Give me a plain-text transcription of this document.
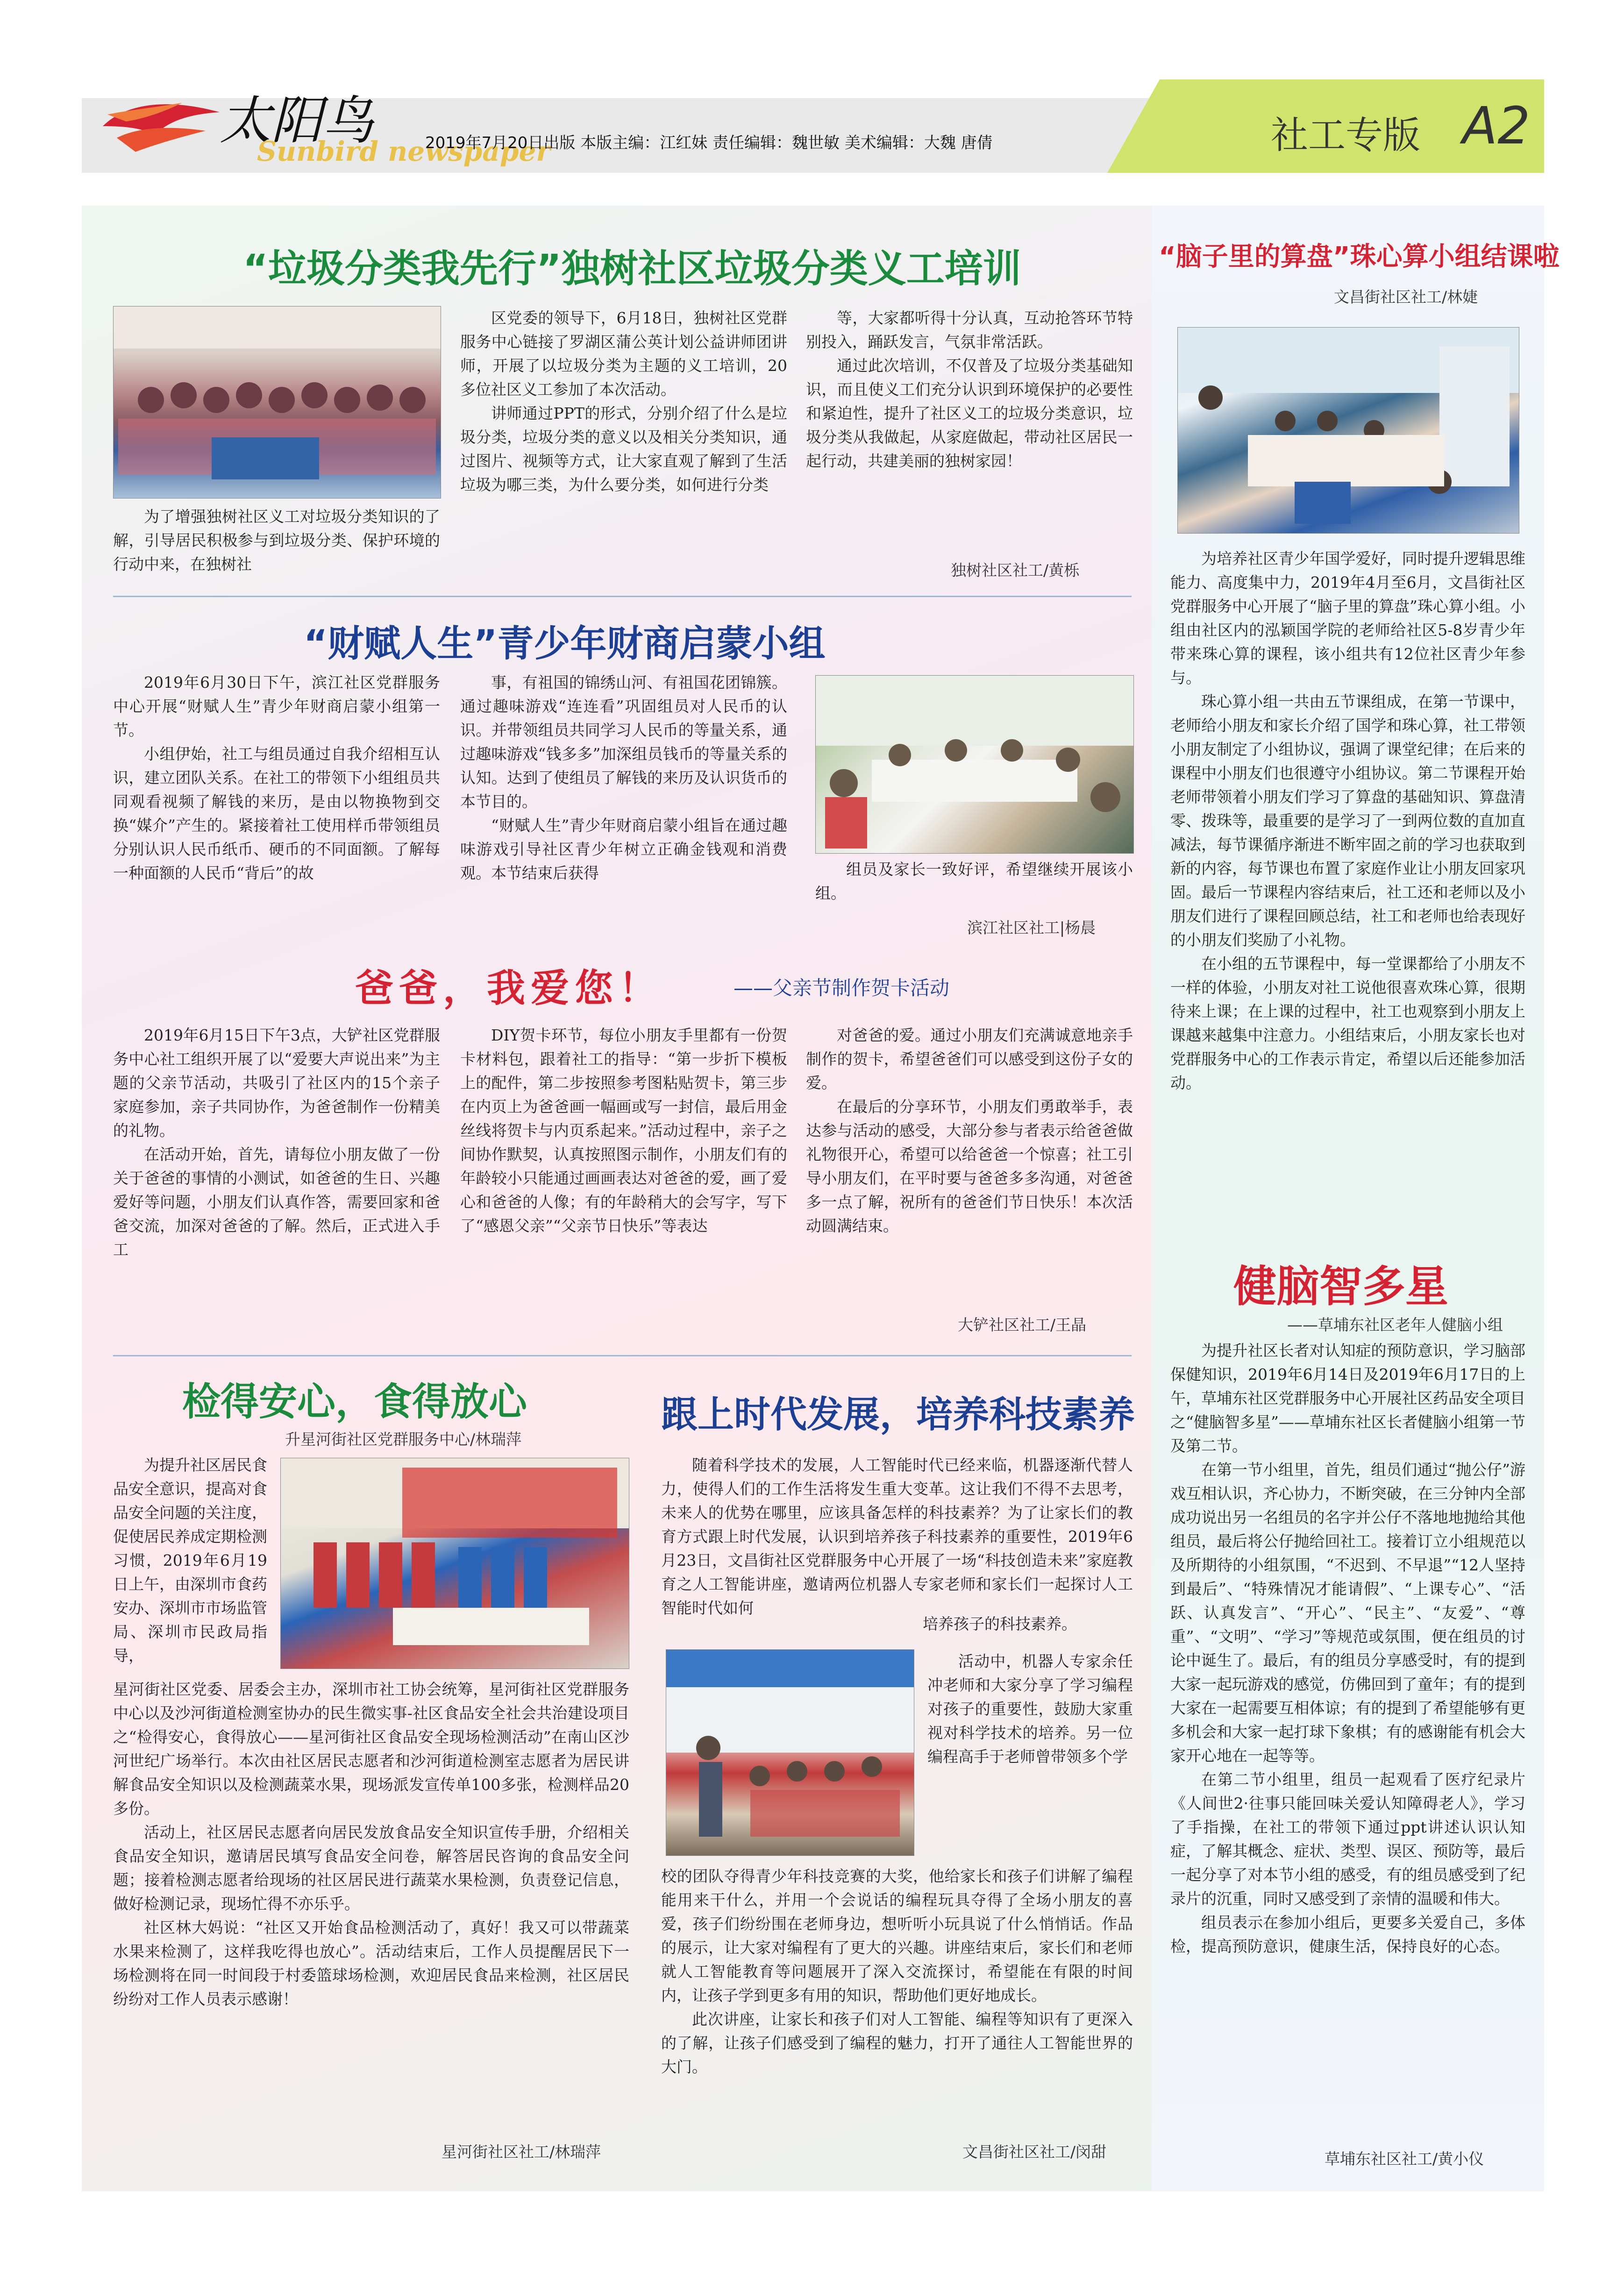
太阳鸟
Sunbird newspaper
2019年7月20日出版 本版主编：江红妹 责任编辑：魏世敏 美术编辑：大魏 唐倩	社工专版 A2
“垃圾分类我先行”独树社区垃圾分类义工培训

为了增强独树社区义工对垃圾分类知识的了解，引导居民积极参与到垃圾分类、保护环境的行动中来，在独树社

区党委的领导下，6月18日，独树社区党群服务中心链接了罗湖区蒲公英计划公益讲师团讲师，开展了以垃圾分类为主题的义工培训，20多位社区义工参加了本次活动。

讲师通过PPT的形式，分别介绍了什么是垃圾分类，垃圾分类的意义以及相关分类知识，通过图片、视频等方式，让大家直观了解到了生活垃圾为哪三类，为什么要分类，如何进行分类

等，大家都听得十分认真，互动抢答环节特别投入，踊跃发言，气氛非常活跃。

通过此次培训，不仅普及了垃圾分类基础知识，而且使义工们充分认识到环境保护的必要性和紧迫性，提升了社区义工的垃圾分类意识，垃圾分类从我做起，从家庭做起，带动社区居民一起行动，共建美丽的独树家园！

独树社区社工/黄栎
“财赋人生”青少年财商启蒙小组

2019年6月30日下午，滨江社区党群服务中心开展“财赋人生”青少年财商启蒙小组第一节。

小组伊始，社工与组员通过自我介绍相互认识，建立团队关系。在社工的带领下小组组员共同观看视频了解钱的来历，是由以物换物到交换“媒介”产生的。紧接着社工使用样币带领组员分别认识人民币纸币、硬币的不同面额。了解每一种面额的人民币“背后”的故

事，有祖国的锦绣山河、有祖国花团锦簇。通过趣味游戏“连连看”巩固组员对人民币的认识。并带领组员共同学习人民币的等量关系，通过趣味游戏“钱多多”加深组员钱币的等量关系的认知。达到了使组员了解钱的来历及认识货币的本节目的。

“财赋人生”青少年财商启蒙小组旨在通过趣味游戏引导社区青少年树立正确金钱观和消费观。本节结束后获得	组员及家长一致好评，希望继续开展该小组。

滨江社区社工|杨晨
爸爸，我爱您！	——父亲节制作贺卡活动

2019年6月15日下午3点，大铲社区党群服务中心社工组织开展了以“爱要大声说出来”为主题的父亲节活动，共吸引了社区内的15个亲子家庭参加，亲子共同协作，为爸爸制作一份精美的礼物。

在活动开始，首先，请每位小朋友做了一份关于爸爸的事情的小测试，如爸爸的生日、兴趣爱好等问题，小朋友们认真作答，需要回家和爸爸交流，加深对爸爸的了解。然后，正式进入手工

DIY贺卡环节，每位小朋友手里都有一份贺卡材料包，跟着社工的指导：“第一步折下模板上的配件，第二步按照参考图粘贴贺卡，第三步在内页上为爸爸画一幅画或写一封信，最后用金丝线将贺卡与内页系起来。”活动过程中，亲子之间协作默契，认真按照图示制作，小朋友们有的年龄较小只能通过画画表达对爸爸的爱，画了爱心和爸爸的人像；有的年龄稍大的会写字，写下了“感恩父亲”“父亲节日快乐”等表达

对爸爸的爱。通过小朋友们充满诚意地亲手制作的贺卡，希望爸爸们可以感受到这份子女的爱。

在最后的分享环节，小朋友们勇敢举手，表达参与活动的感受，大部分参与者表示给爸爸做礼物很开心，希望可以给爸爸一个惊喜；社工引导小朋友们，在平时要与爸爸多多沟通，对爸爸多一点了解，祝所有的爸爸们节日快乐！本次活动圆满结束。

大铲社区社工/王晶
检得安心，食得放心
升星河街社区党群服务中心/林瑞萍

为提升社区居民食品安全意识，提高对食品安全问题的关注度，促使居民养成定期检测习惯，2019年6月19日上午，由深圳市食药安办、深圳市市场监管局、深圳市民政局指导，

星河街社区党委、居委会主办，深圳市社工协会统筹，星河街社区党群服务中心以及沙河街道检测室协办的民生微实事-社区食品安全社会共治建设项目之“检得安心，食得放心——星河街社区食品安全现场检测活动”在南山区沙河世纪广场举行。本次由社区居民志愿者和沙河街道检测室志愿者为居民讲解食品安全知识以及检测蔬菜水果，现场派发宣传单100多张，检测样品20多份。

活动上，社区居民志愿者向居民发放食品安全知识宣传手册，介绍相关食品安全知识，邀请居民填写食品安全问卷，解答居民咨询的食品安全问题；接着检测志愿者给现场的社区居民进行蔬菜水果检测，负责登记信息，做好检测记录，现场忙得不亦乐乎。

社区林大妈说：“社区又开始食品检测活动了，真好！我又可以带蔬菜水果来检测了，这样我吃得也放心”。活动结束后，工作人员提醒居民下一场检测将在同一时间段于村委篮球场检测，欢迎居民食品来检测，社区居民纷纷对工作人员表示感谢！

星河街社区社工/林瑞萍
跟上时代发展，培养科技素养

随着科学技术的发展，人工智能时代已经来临，机器逐渐代替人力，使得人们的工作生活将发生重大变革。这让我们不得不去思考，未来人的优势在哪里，应该具备怎样的科技素养？为了让家长们的教育方式跟上时代发展，认识到培养孩子科技素养的重要性，2019年6月23日，文昌街社区党群服务中心开展了一场“科技创造未来”家庭教育之人工智能讲座，邀请两位机器人专家老师和家长们一起探讨人工智能时代如何

培养孩子的科技素养。

活动中，机器人专家余任冲老师和大家分享了学习编程对孩子的重要性，鼓励大家重视对科学技术的培养。另一位编程高手于老师曾带领多个学

校的团队夺得青少年科技竞赛的大奖，他给家长和孩子们讲解了编程能用来干什么，并用一个会说话的编程玩具夺得了全场小朋友的喜爱，孩子们纷纷围在老师身边，想听听小玩具说了什么悄悄话。作品的展示，让大家对编程有了更大的兴趣。讲座结束后，家长们和老师就人工智能教育等问题展开了深入交流探讨，希望能在有限的时间内，让孩子学到更多有用的知识，帮助他们更好地成长。

此次讲座，让家长和孩子们对人工智能、编程等知识有了更深入的了解，让孩子们感受到了编程的魅力，打开了通往人工智能世界的大门。

文昌街社区社工/闵甜
“脑子里的算盘”珠心算小组结课啦
文昌街社区社工/林婕

为培养社区青少年国学爱好，同时提升逻辑思维能力、高度集中力，2019年4月至6月，文昌街社区党群服务中心开展了“脑子里的算盘”珠心算小组。小组由社区内的泓颖国学院的老师给社区5-8岁青少年带来珠心算的课程，该小组共有12位社区青少年参与。

珠心算小组一共由五节课组成，在第一节课中，老师给小朋友和家长介绍了国学和珠心算，社工带领小朋友制定了小组协议，强调了课堂纪律；在后来的课程中小朋友们也很遵守小组协议。第二节课程开始老师带领着小朋友们学习了算盘的基础知识、算盘清零、拨珠等，最重要的是学习了一到两位数的直加直减法，每节课循序渐进不断牢固之前的学习也获取到新的内容，每节课也布置了家庭作业让小朋友回家巩固。最后一节课程内容结束后，社工还和老师以及小朋友们进行了课程回顾总结，社工和老师也给表现好的小朋友们奖励了小礼物。

在小组的五节课程中，每一堂课都给了小朋友不一样的体验，小朋友对社工说他很喜欢珠心算，很期待来上课；在上课的过程中，社工也观察到小朋友上课越来越集中注意力。小组结束后，小朋友家长也对党群服务中心的工作表示肯定，希望以后还能参加活动。

健脑智多星
——草埔东社区老年人健脑小组

为提升社区长者对认知症的预防意识，学习脑部保健知识，2019年6月14日及2019年6月17日的上午，草埔东社区党群服务中心开展社区药品安全项目之“健脑智多星”——草埔东社区长者健脑小组第一节及第二节。

在第一节小组里，首先，组员们通过“抛公仔”游戏互相认识，齐心协力，不断突破，在三分钟内全部成功说出另一名组员的名字并公仔不落地地抛给其他组员，最后将公仔抛给回社工。接着订立小组规范以及所期待的小组氛围，“不迟到、不早退”“12人坚持到最后”、“特殊情况才能请假”、“上课专心”、“活跃、认真发言”、“开心”、“民主”、“友爱”、“尊重”、“文明”、“学习”等规范或氛围，便在组员的讨论中诞生了。最后，有的组员分享感受时，有的提到大家一起玩游戏的感觉，仿佛回到了童年；有的提到大家在一起需要互相体谅；有的提到了希望能够有更多机会和大家一起打球下象棋；有的感谢能有机会大家开心地在一起等等。

在第二节小组里，组员一起观看了医疗纪录片《人间世2·往事只能回味关爱认知障碍老人》，学习了手指操，在社工的带领下通过ppt讲述认识认知症，了解其概念、症状、类型、误区、预防等，最后一起分享了对本节小组的感受，有的组员感受到了纪录片的沉重，同时又感受到了亲情的温暖和伟大。

组员表示在参加小组后，更要多关爱自己，多体检，提高预防意识，健康生活，保持良好的心态。

草埔东社区社工/黄小仪
